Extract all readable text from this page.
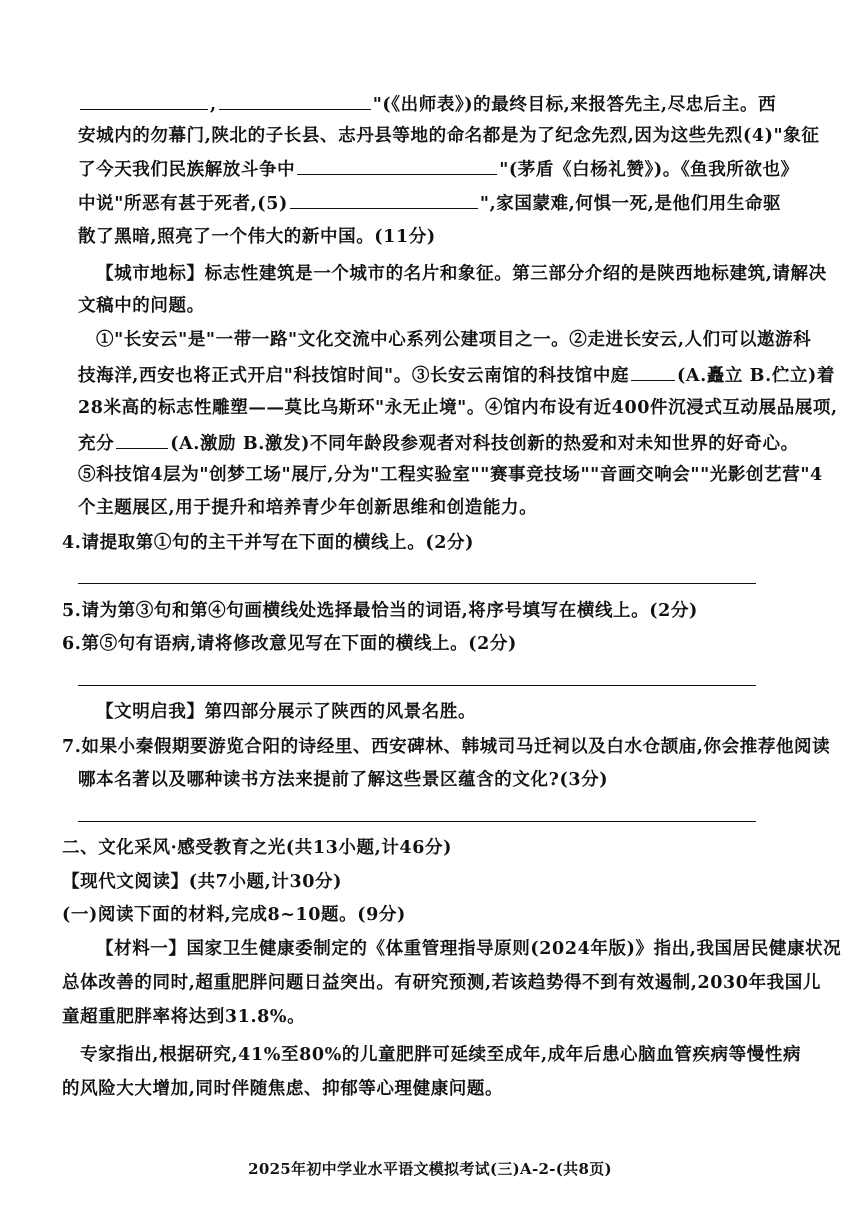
,	"(《出师表》)的最终目标,来报答先主,尽忠后主。西
安城内的勿幕门,陕北的子长县、志丹县等地的命名都是为了纪念先烈,因为这些先烈(4)"象征
了今天我们民族解放斗争中	"(茅盾《白杨礼赞》)。《鱼我所欲也》
中说"所恶有甚于死者,(5)	",家国蒙难,何惧一死,是他们用生命驱
散了黑暗,照亮了一个伟大的新中国。(11分)
【城市地标】标志性建筑是一个城市的名片和象征。第三部分介绍的是陕西地标建筑,请解决
文稿中的问题。
①"长安云"是"一带一路"文化交流中心系列公建项目之一。②走进长安云,人们可以遨游科
技海洋,西安也将正式开启"科技馆时间"。③长安云南馆的科技馆中庭	(A.矗立 B.伫立)着
28米高的标志性雕塑——莫比乌斯环"永无止境"。④馆内布设有近400件沉浸式互动展品展项,
充分	(A.激励 B.激发)不同年龄段参观者对科技创新的热爱和对未知世界的好奇心。
⑤科技馆4层为"创梦工场"展厅,分为"工程实验室""赛事竞技场""音画交响会""光影创艺营"4
个主题展区,用于提升和培养青少年创新思维和创造能力。
4.请提取第①句的主干并写在下面的横线上。(2分)
5.请为第③句和第④句画横线处选择最恰当的词语,将序号填写在横线上。(2分)
6.第⑤句有语病,请将修改意见写在下面的横线上。(2分)
【文明启我】第四部分展示了陕西的风景名胜。
7.如果小秦假期要游览合阳的诗经里、西安碑林、韩城司马迁祠以及白水仓颉庙,你会推荐他阅读
哪本名著以及哪种读书方法来提前了解这些景区蕴含的文化?(3分)
二、文化采风·感受教育之光(共13小题,计46分)
【现代文阅读】(共7小题,计30分)
(一)阅读下面的材料,完成8~10题。(9分)
【材料一】国家卫生健康委制定的《体重管理指导原则(2024年版)》指出,我国居民健康状况
总体改善的同时,超重肥胖问题日益突出。有研究预测,若该趋势得不到有效遏制,2030年我国儿
童超重肥胖率将达到31.8%。
专家指出,根据研究,41%至80%的儿童肥胖可延续至成年,成年后患心脑血管疾病等慢性病
的风险大大增加,同时伴随焦虑、抑郁等心理健康问题。
2025年初中学业水平语文模拟考试(三)A-2-(共8页)
